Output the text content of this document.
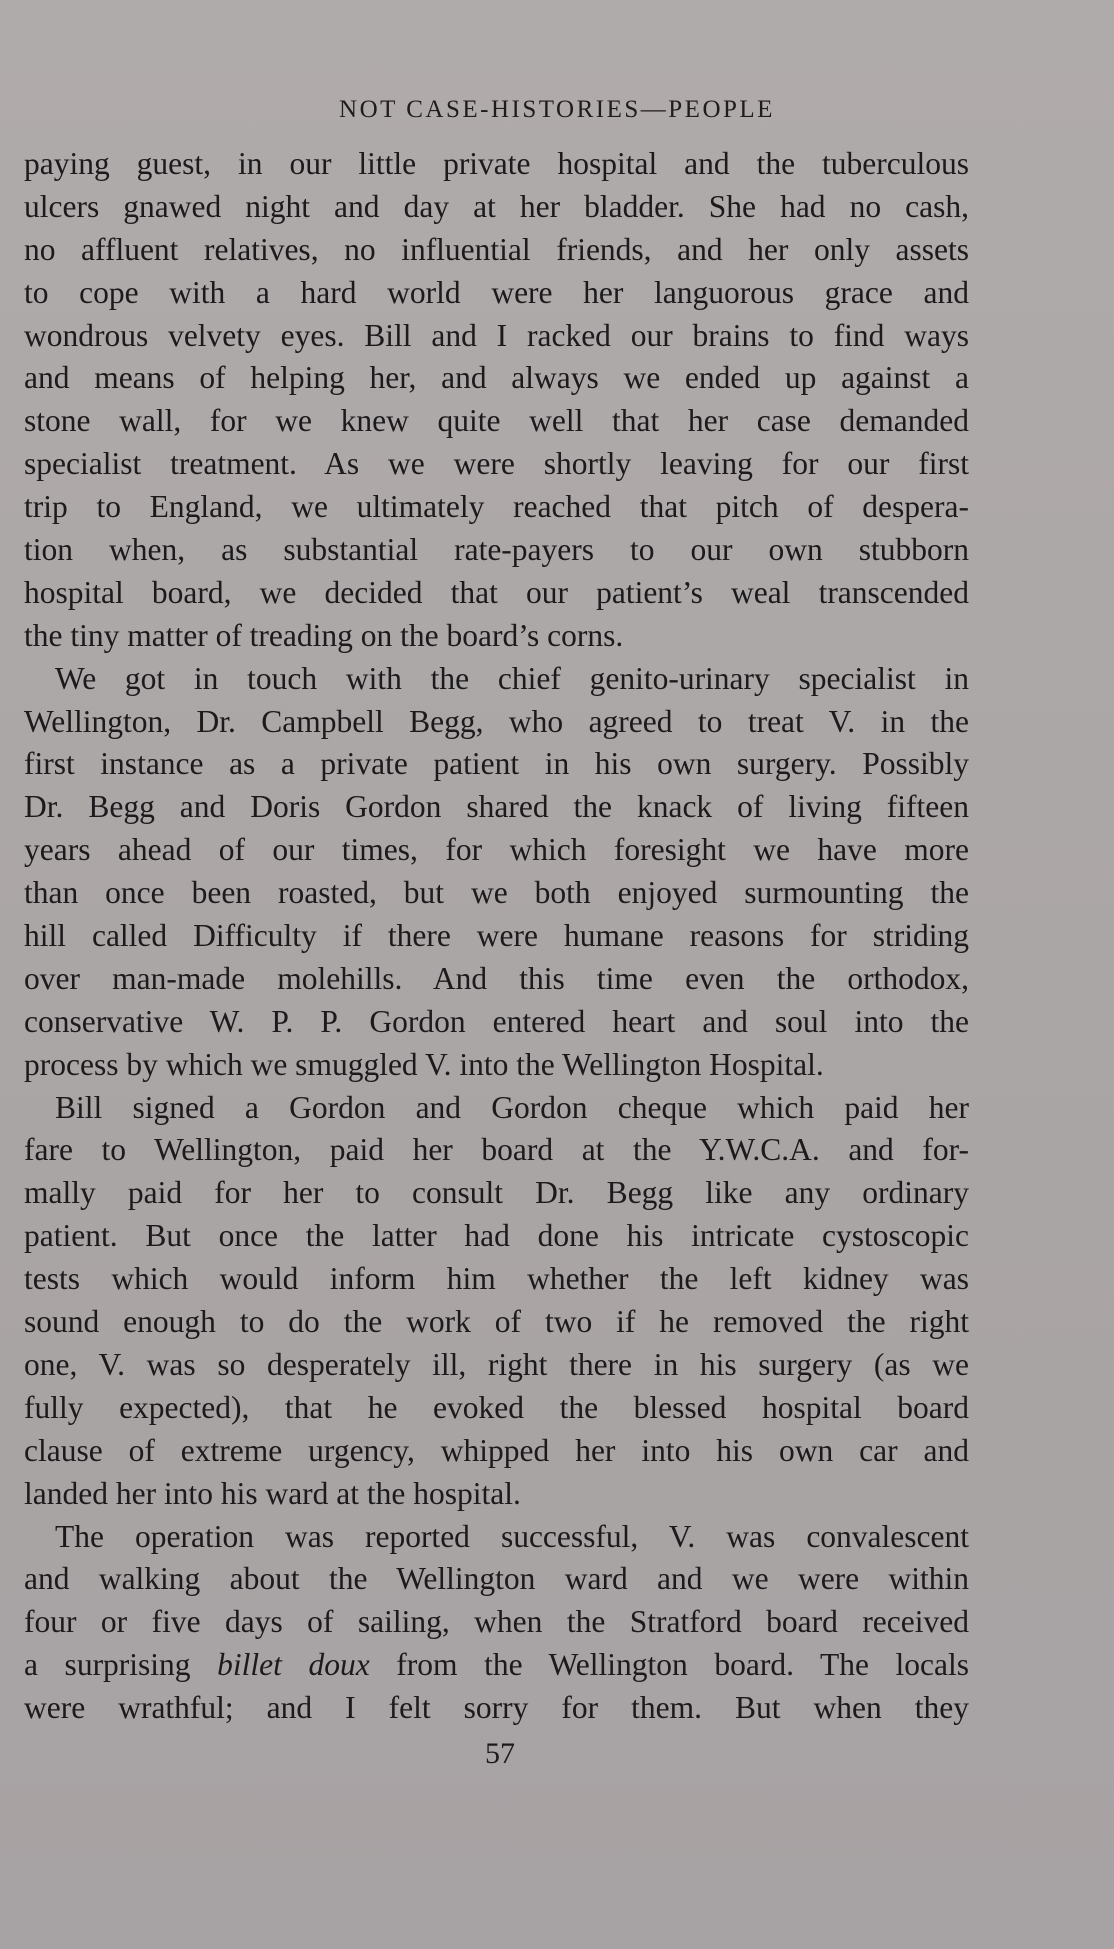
NOT CASE-HISTORIES—PEOPLE
paying guest, in our little private hospital and the tuberculous
ulcers gnawed night and day at her bladder. She had no cash,
no affluent relatives, no influential friends, and her only assets
to cope with a hard world were her languorous grace and
wondrous velvety eyes. Bill and I racked our brains to find ways
and means of helping her, and always we ended up against a
stone wall, for we knew quite well that her case demanded
specialist treatment. As we were shortly leaving for our first
trip to England, we ultimately reached that pitch of despera-
tion when, as substantial rate-payers to our own stubborn
hospital board, we decided that our patient’s weal transcended
the tiny matter of treading on the board’s corns.
We got in touch with the chief genito-urinary specialist in
Wellington, Dr. Campbell Begg, who agreed to treat V. in the
first instance as a private patient in his own surgery. Possibly
Dr. Begg and Doris Gordon shared the knack of living fifteen
years ahead of our times, for which foresight we have more
than once been roasted, but we both enjoyed surmounting the
hill called Difficulty if there were humane reasons for striding
over man-made molehills. And this time even the orthodox,
conservative W. P. P. Gordon entered heart and soul into the
process by which we smuggled V. into the Wellington Hospital.
Bill signed a Gordon and Gordon cheque which paid her
fare to Wellington, paid her board at the Y.W.C.A. and for-
mally paid for her to consult Dr. Begg like any ordinary
patient. But once the latter had done his intricate cystoscopic
tests which would inform him whether the left kidney was
sound enough to do the work of two if he removed the right
one, V. was so desperately ill, right there in his surgery (as we
fully expected), that he evoked the blessed hospital board
clause of extreme urgency, whipped her into his own car and
landed her into his ward at the hospital.
The operation was reported successful, V. was convalescent
and walking about the Wellington ward and we were within
four or five days of sailing, when the Stratford board received
a surprising billet doux from the Wellington board. The locals
were wrathful; and I felt sorry for them. But when they
57
